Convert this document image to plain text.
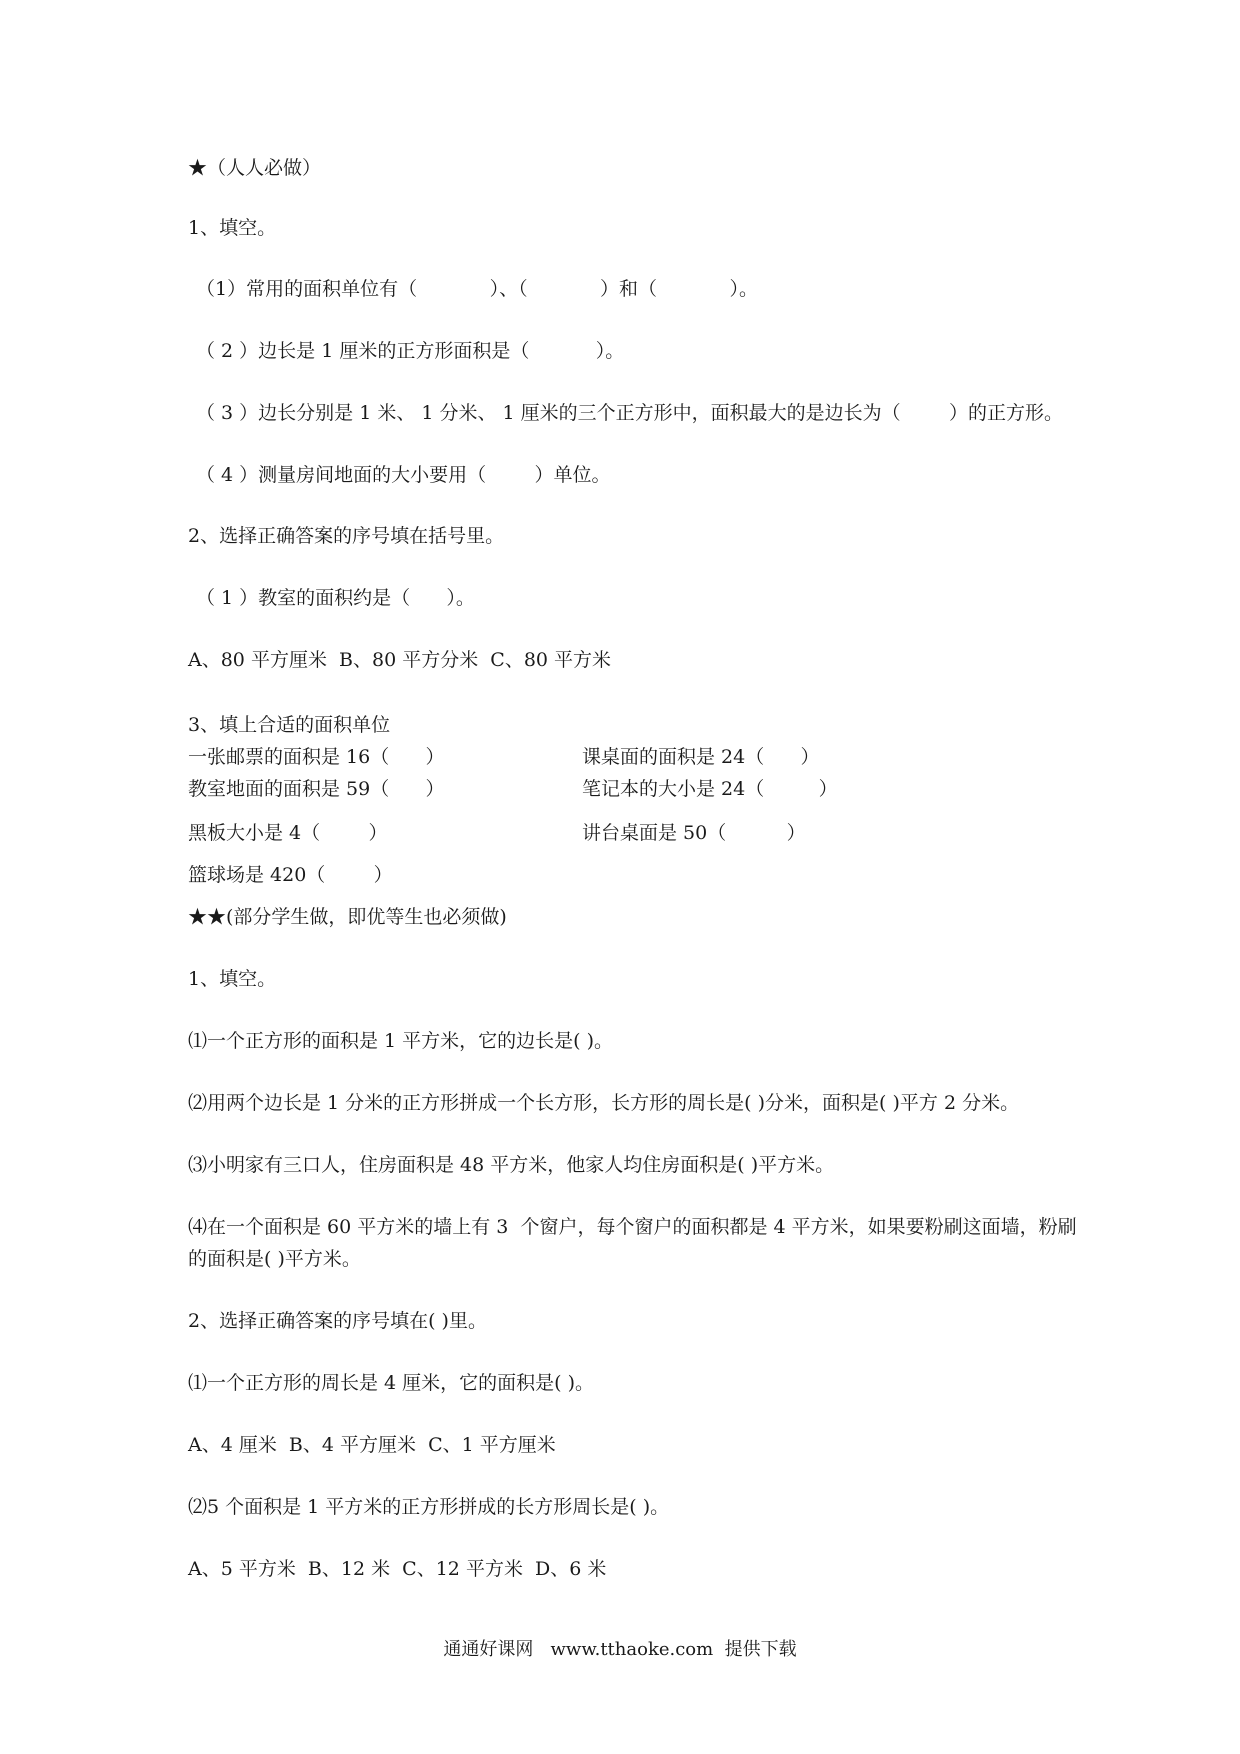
★（人人必做）
1、填空。
（1）常用的面积单位有（            ）、（            ）和（            ）。
（ 2 ）边长是 1 厘米的正方形面积是（           ）。
（ 3 ）边长分别是 1 米、 1 分米、 1 厘米的三个正方形中，面积最大的是边长为（        ）的正方形。
（ 4 ）测量房间地面的大小要用（        ）单位。
2、选择正确答案的序号填在括号里。
（ 1 ）教室的面积约是（      ）。
A、80 平方厘米  B、80 平方分米  C、80 平方米
3、填上合适的面积单位
一张邮票的面积是 16（      ）	课桌面的面积是 24（      ）
教室地面的面积是 59（      ）	笔记本的大小是 24（         ）
黑板大小是 4（        ）	讲台桌面是 50（          ）
篮球场是 420（        ）
★★(部分学生做，即优等生也必须做)
1、填空。
⑴一个正方形的面积是 1 平方米，它的边长是( )。
⑵用两个边长是 1 分米的正方形拼成一个长方形，长方形的周长是( )分米，面积是( )平方 2 分米。
⑶小明家有三口人，住房面积是 48 平方米，他家人均住房面积是( )平方米。
⑷在一个面积是 60 平方米的墙上有 3  个窗户，每个窗户的面积都是 4 平方米，如果要粉刷这面墙，粉刷
的面积是( )平方米。
2、选择正确答案的序号填在( )里。
⑴一个正方形的周长是 4 厘米，它的面积是( )。
A、4 厘米  B、4 平方厘米  C、1 平方厘米
⑵5 个面积是 1 平方米的正方形拼成的长方形周长是( )。
A、5 平方米  B、12 米  C、12 平方米  D、6 米
通通好课网   www.tthaoke.com  提供下载
